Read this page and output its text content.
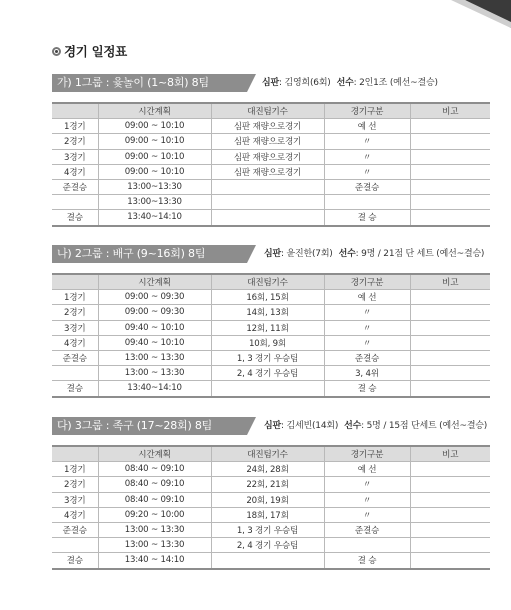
경기 일정표
가) 1그룹 : 윷놀이 (1~8회) 8팀	심판: 김영희(6회) 선수: 2인1조 (예선~결승)
	시간계획	대진팀기수	경기구분	비고
1경기	09:00 ~ 10:10	심판 재량으로경기	예 선	
2경기	09:00 ~ 10:10	심판 재량으로경기	〃	
3경기	09:00 ~ 10:10	심판 재량으로경기	〃	
4경기	09:00 ~ 10:10	심판 재량으로경기	〃	
준결승	13:00~13:30		준결승	
	13:00~13:30			
결승	13:40~14:10		결 승	
나) 2그룹 : 배구 (9~16회) 8팀	심판: 윤진한(7회) 선수: 9명 / 21점 단 세트 (예선~결승)
	시간계획	대진팀기수	경기구분	비고
1경기	09:00 ~ 09:30	16회, 15회	예 선	
2경기	09:00 ~ 09:30	14회, 13회	〃	
3경기	09:40 ~ 10:10	12회, 11회	〃	
4경기	09:40 ~ 10:10	10회, 9회	〃	
준결승	13:00 ~ 13:30	1, 3 경기 우승팀	준결승	
	13:00 ~ 13:30	2, 4 경기 우승팀	3, 4위	
결승	13:40~14:10		결 승	
다) 3그룹 : 족구 (17~28회) 8팀	심판: 김세빈(14회) 선수: 5명 / 15점 단세트 (예선~결승)
	시간계획	대진팀기수	경기구분	비고
1경기	08:40 ~ 09:10	24회, 28회	예 선	
2경기	08:40 ~ 09:10	22회, 21회	〃	
3경기	08:40 ~ 09:10	20회, 19회	〃	
4경기	09:20 ~ 10:00	18회, 17회	〃	
준결승	13:00 ~ 13:30	1, 3 경기 우승팀	준결승	
	13:00 ~ 13:30	2, 4 경기 우승팀		
결승	13:40 ~ 14:10		결 승	
